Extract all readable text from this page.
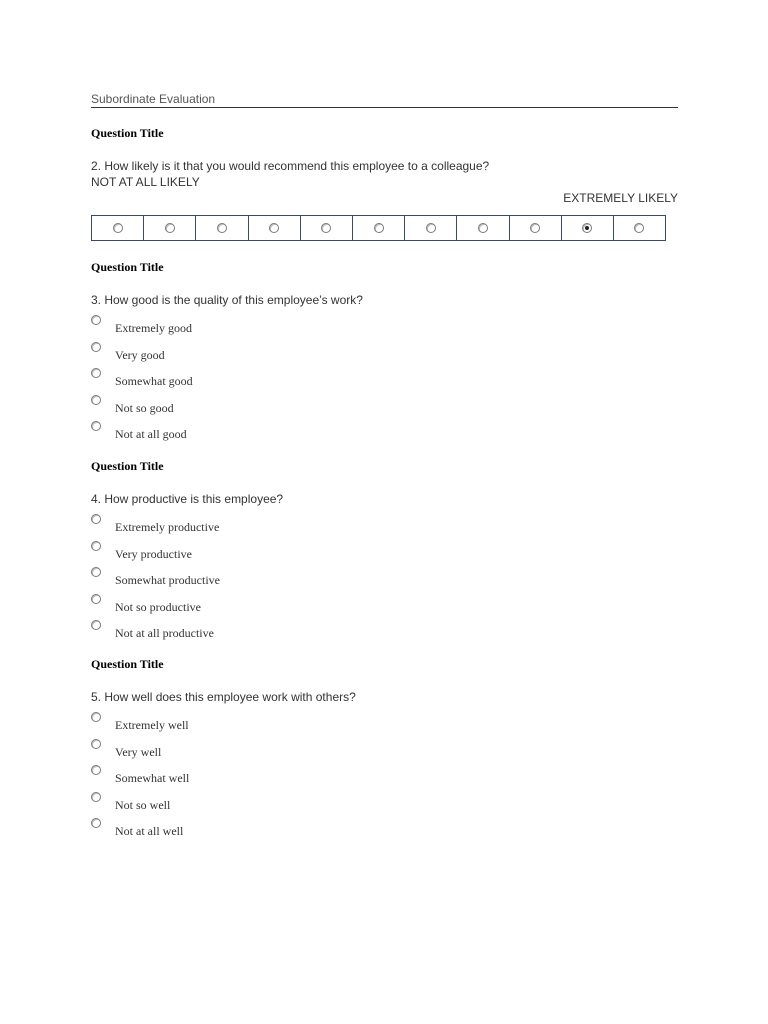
Subordinate Evaluation

Question Title

2. How likely is it that you would recommend this employee to a colleague?
NOT AT ALL LIKELY
EXTREMELY LIKELY

Question Title

3. How good is the quality of this employee’s work?
Extremely good
Very good
Somewhat good
Not so good
Not at all good

Question Title

4. How productive is this employee?
Extremely productive
Very productive
Somewhat productive
Not so productive
Not at all productive

Question Title

5. How well does this employee work with others?
Extremely well
Very well
Somewhat well
Not so well
Not at all well
